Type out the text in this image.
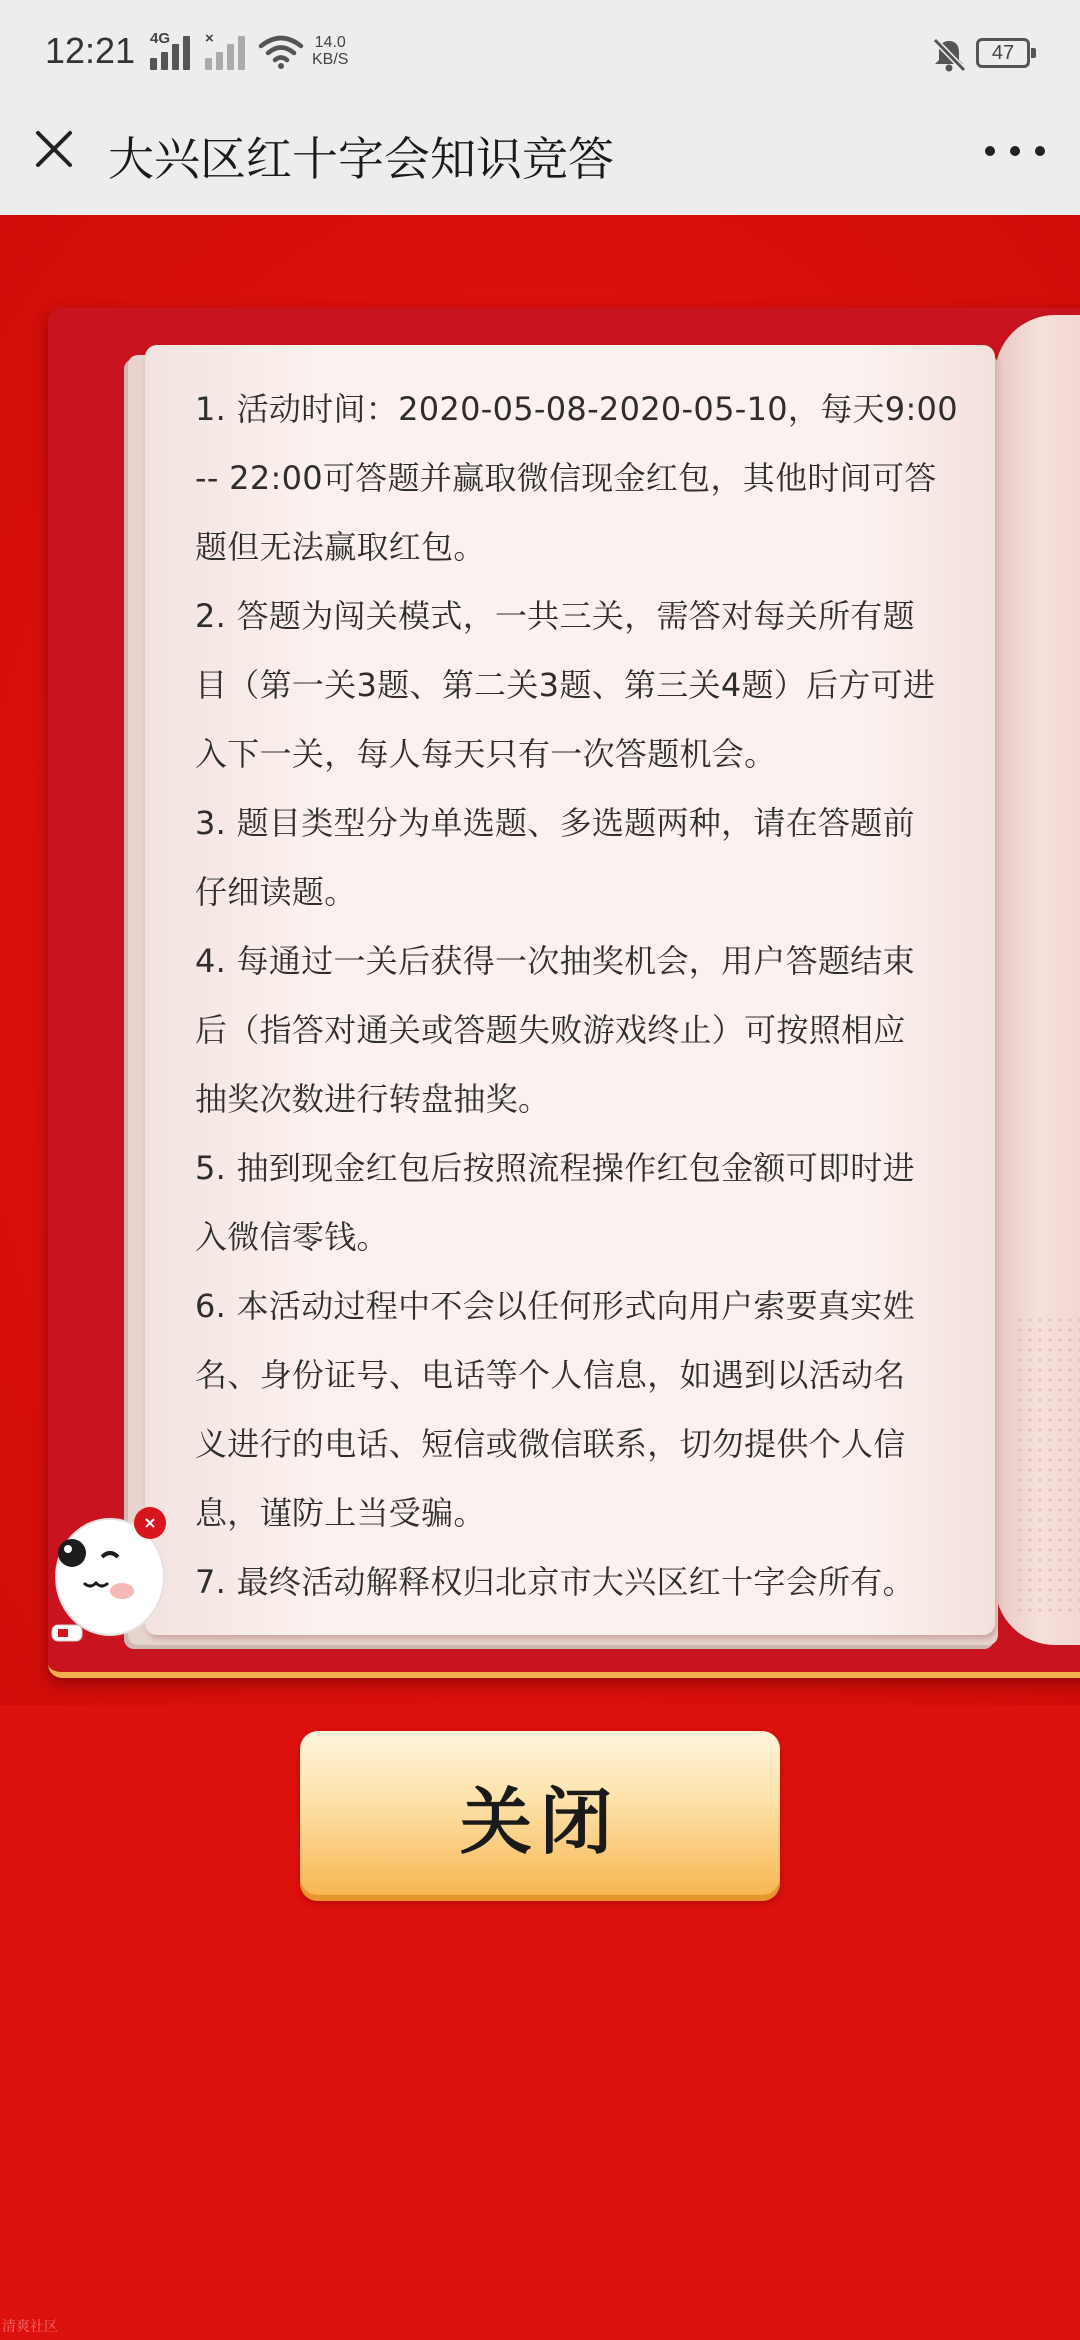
12:21 4G ×	14.0
KB/S	47
大兴区红十字会知识竞答
1. 活动时间：2020-05-08-2020-05-10，每天9:00
-- 22:00可答题并赢取微信现金红包，其他时间可答
题但无法赢取红包。
2. 答题为闯关模式，一共三关，需答对每关所有题
目（第一关3题、第二关3题、第三关4题）后方可进
入下一关，每人每天只有一次答题机会。
3. 题目类型分为单选题、多选题两种，请在答题前
仔细读题。
4. 每通过一关后获得一次抽奖机会，用户答题结束
后（指答对通关或答题失败游戏终止）可按照相应
抽奖次数进行转盘抽奖。
5. 抽到现金红包后按照流程操作红包金额可即时进
入微信零钱。
6. 本活动过程中不会以任何形式向用户索要真实姓
名、身份证号、电话等个人信息，如遇到以活动名
义进行的电话、短信或微信联系，切勿提供个人信
息，谨防上当受骗。
7. 最终活动解释权归北京市大兴区红十字会所有。
关闭
清爽社区
